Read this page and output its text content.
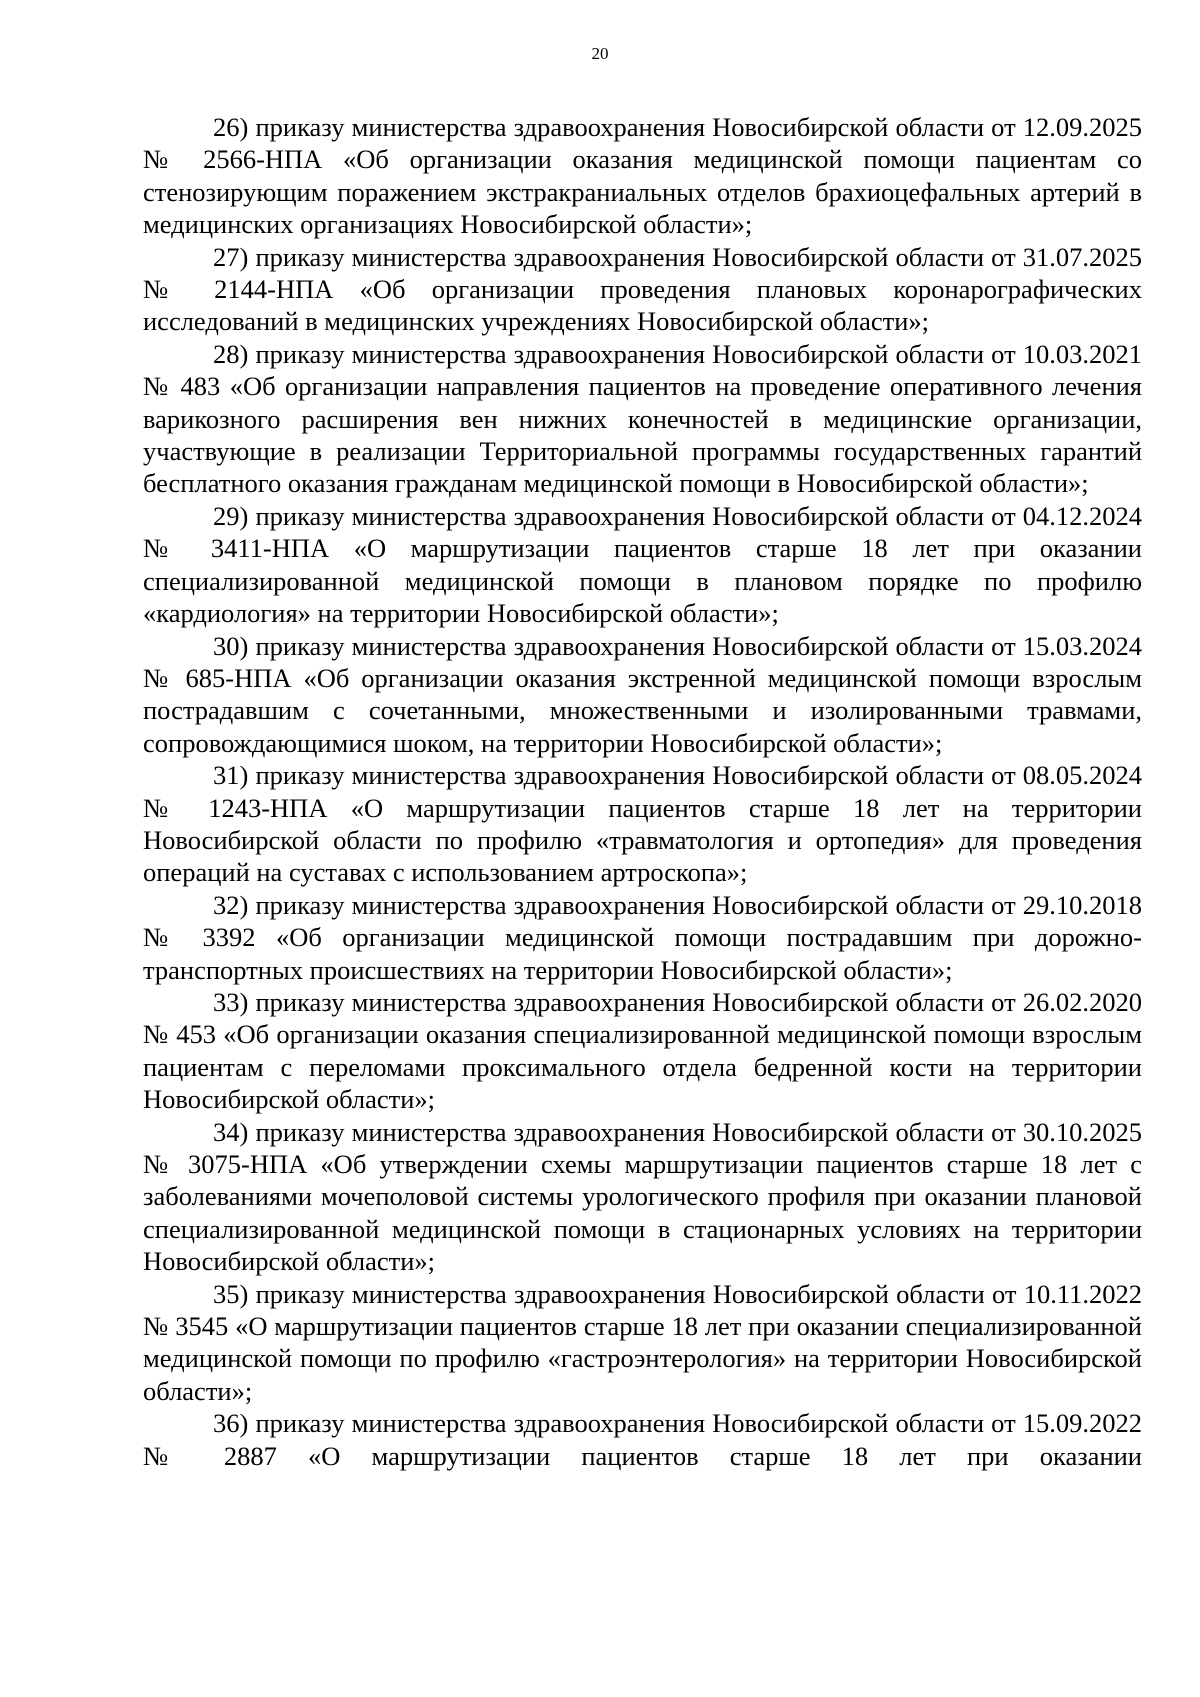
20

26) приказу министерства здравоохранения Новосибирской области от 12.09.2025 № 2566-НПА «Об организации оказания медицинской помощи пациентам со стенозирующим поражением экстракраниальных отделов брахиоцефальных артерий в медицинских организациях Новосибирской области»;

27) приказу министерства здравоохранения Новосибирской области от 31.07.2025 № 2144-НПА «Об организации проведения плановых коронарографических исследований в медицинских учреждениях Новосибирской области»;

28) приказу министерства здравоохранения Новосибирской области от 10.03.2021 № 483 «Об организации направления пациентов на проведение оперативного лечения варикозного расширения вен нижних конечностей в медицинские организации, участвующие в реализации Территориальной программы государственных гарантий бесплатного оказания гражданам медицинской помощи в Новосибирской области»;

29) приказу министерства здравоохранения Новосибирской области от 04.12.2024 № 3411-НПА «О маршрутизации пациентов старше 18 лет при оказании специализированной медицинской помощи в плановом порядке по профилю «кардиология» на территории Новосибирской области»;

30) приказу министерства здравоохранения Новосибирской области от 15.03.2024 № 685-НПА «Об организации оказания экстренной медицинской помощи взрослым пострадавшим с сочетанными, множественными и изолированными травмами, сопровождающимися шоком, на территории Новосибирской области»;

31) приказу министерства здравоохранения Новосибирской области от 08.05.2024 № 1243-НПА «О маршрутизации пациентов старше 18 лет на территории Новосибирской области по профилю «травматология и ортопедия» для проведения операций на суставах с использованием артроскопа»;

32) приказу министерства здравоохранения Новосибирской области от 29.10.2018 № 3392 «Об организации медицинской помощи пострадавшим при дорожно-транспортных происшествиях на территории Новосибирской области»;

33) приказу министерства здравоохранения Новосибирской области от 26.02.2020 № 453 «Об организации оказания специализированной медицинской помощи взрослым пациентам с переломами проксимального отдела бедренной кости на территории Новосибирской области»;

34) приказу министерства здравоохранения Новосибирской области от 30.10.2025 № 3075-НПА «Об утверждении схемы маршрутизации пациентов старше 18 лет с заболеваниями мочеполовой системы урологического профиля при оказании плановой специализированной медицинской помощи в стационарных условиях на территории Новосибирской области»;

35) приказу министерства здравоохранения Новосибирской области от 10.11.2022 № 3545 «О маршрутизации пациентов старше 18 лет при оказании специализированной медицинской помощи по профилю «гастроэнтерология» на территории Новосибирской области»;

36) приказу министерства здравоохранения Новосибирской области от 15.09.2022 № 2887 «О маршрутизации пациентов старше 18 лет при оказании
